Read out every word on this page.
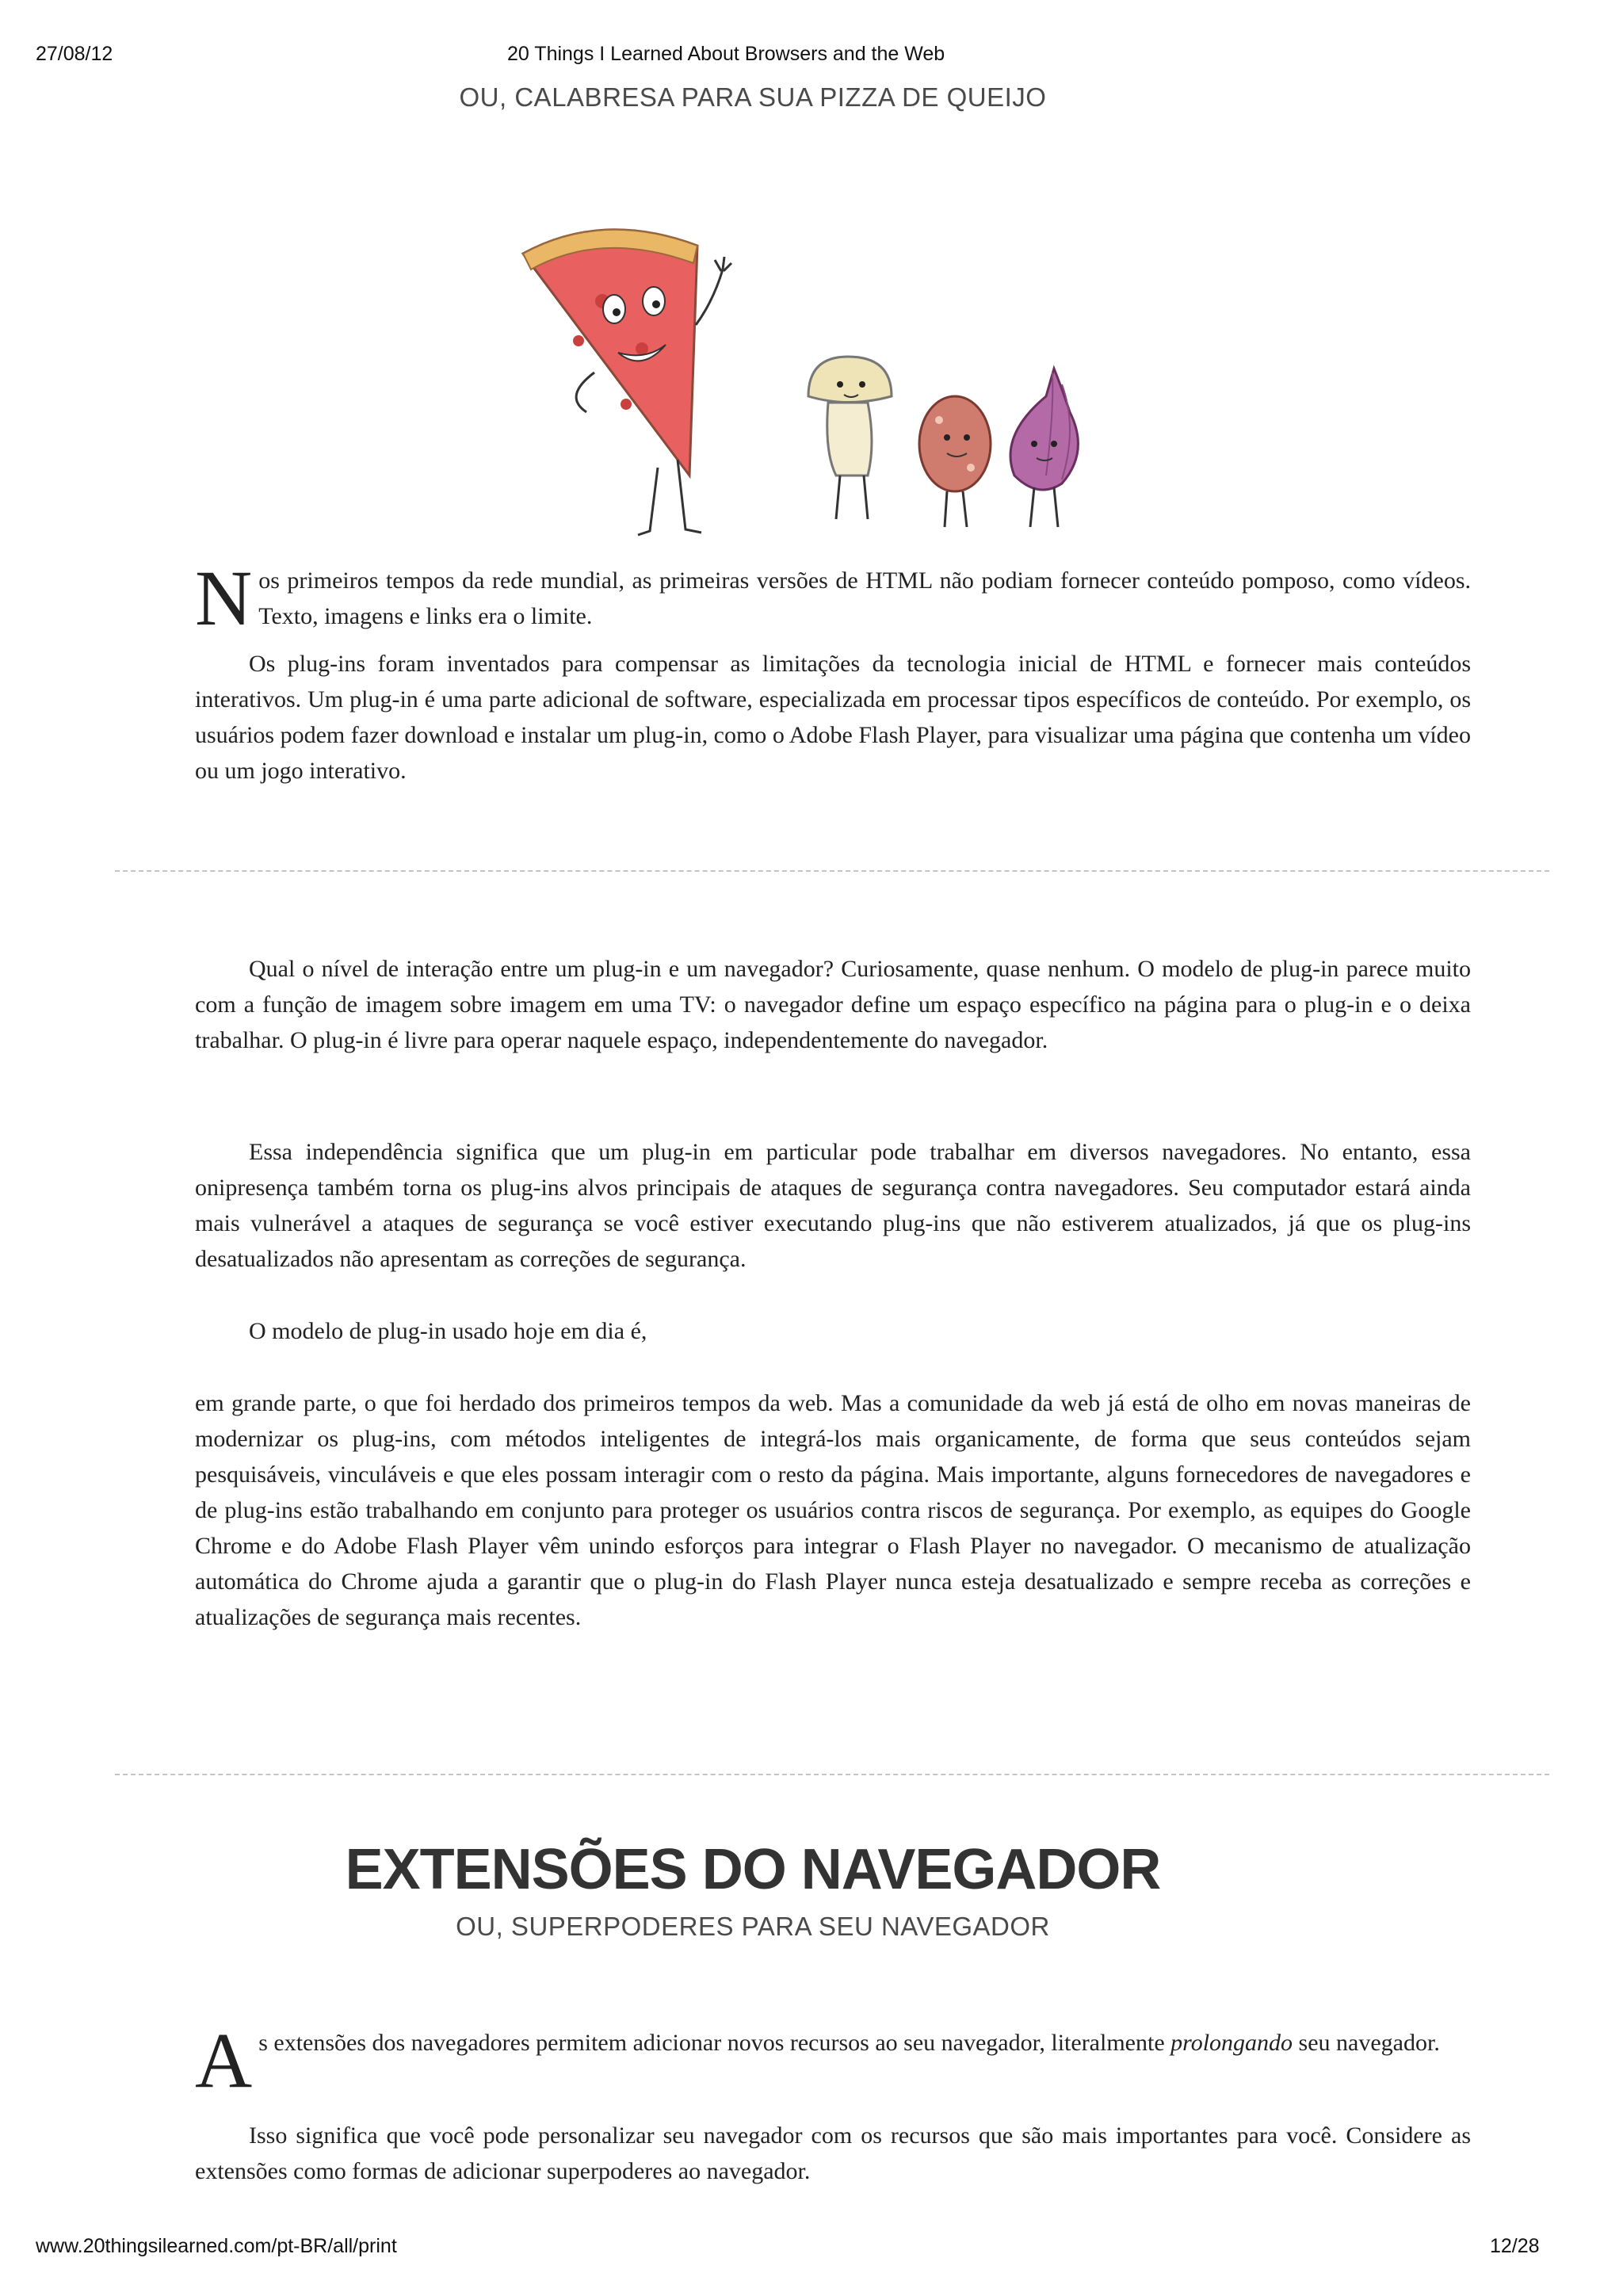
27/08/12	20 Things I Learned About Browsers and the Web
OU, CALABRESA PARA SUA PIZZA DE QUEIJO
Nos primeiros tempos da rede mundial, as primeiras versões de HTML não podiam fornecer conteúdo pomposo, como vídeos. Texto, imagens e links era o limite.
Os plug-ins foram inventados para compensar as limitações da tecnologia inicial de HTML e fornecer mais conteúdos interativos. Um plug-in é uma parte adicional de software, especializada em processar tipos específicos de conteúdo. Por exemplo, os usuários podem fazer download e instalar um plug-in, como o Adobe Flash Player, para visualizar uma página que contenha um vídeo ou um jogo interativo.
Qual o nível de interação entre um plug-in e um navegador? Curiosamente, quase nenhum. O modelo de plug-in parece muito com a função de imagem sobre imagem em uma TV: o navegador define um espaço específico na página para o plug-in e o deixa trabalhar. O plug-in é livre para operar naquele espaço, independentemente do navegador.
Essa independência significa que um plug-in em particular pode trabalhar em diversos navegadores. No entanto, essa onipresença também torna os plug-ins alvos principais de ataques de segurança contra navegadores. Seu computador estará ainda mais vulnerável a ataques de segurança se você estiver executando plug-ins que não estiverem atualizados, já que os plug-ins desatualizados não apresentam as correções de segurança.
O modelo de plug-in usado hoje em dia é,
em grande parte, o que foi herdado dos primeiros tempos da web. Mas a comunidade da web já está de olho em novas maneiras de modernizar os plug-ins, com métodos inteligentes de integrá-los mais organicamente, de forma que seus conteúdos sejam pesquisáveis, vinculáveis e que eles possam interagir com o resto da página. Mais importante, alguns fornecedores de navegadores e de plug-ins estão trabalhando em conjunto para proteger os usuários contra riscos de segurança. Por exemplo, as equipes do Google Chrome e do Adobe Flash Player vêm unindo esforços para integrar o Flash Player no navegador. O mecanismo de atualização automática do Chrome ajuda a garantir que o plug-in do Flash Player nunca esteja desatualizado e sempre receba as correções e atualizações de segurança mais recentes.
EXTENSÕES DO NAVEGADOR
OU, SUPERPODERES PARA SEU NAVEGADOR
As extensões dos navegadores permitem adicionar novos recursos ao seu navegador, literalmente prolongando seu navegador.
Isso significa que você pode personalizar seu navegador com os recursos que são mais importantes para você. Considere as extensões como formas de adicionar superpoderes ao navegador.
www.20thingsilearned.com/pt-BR/all/print	12/28
